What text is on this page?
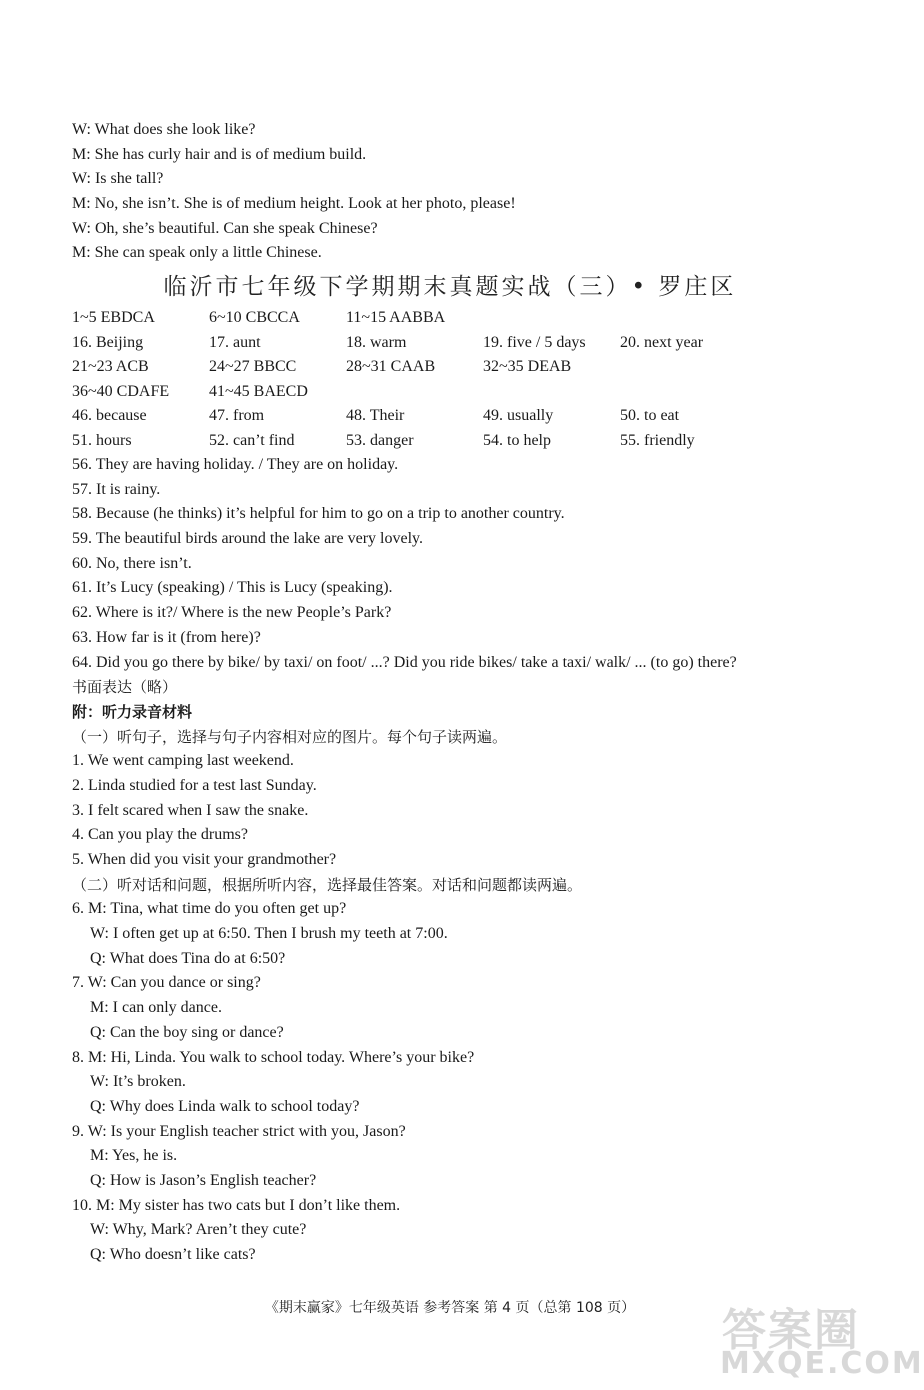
W: What does she look like?
M: She has curly hair and is of medium build.
W: Is she tall?
M: No, she isn’t. She is of medium height. Look at her photo, please!
W: Oh, she’s beautiful. Can she speak Chinese?
M: She can speak only a little Chinese.
临沂市七年级下学期期末真题实战（三）• 罗庄区
1~5 EBDCA	6~10 CBCCA	11~15 AABBA
16. Beijing	17. aunt	18. warm	19. five / 5 days 20. next year
21~23 ACB	24~27 BBCC	28~31 CAAB	32~35 DEAB
36~40 CDAFE 41~45 BAECD
46. because	47. from	48. Their	49. usually	50. to eat
51. hours	52. can’t find	53. danger	54. to help	55. friendly
56. They are having holiday. / They are on holiday.
57. It is rainy.
58. Because (he thinks) it’s helpful for him to go on a trip to another country.
59. The beautiful birds around the lake are very lovely.
60. No, there isn’t.
61. It’s Lucy (speaking) / This is Lucy (speaking).
62. Where is it?/ Where is the new People’s Park?
63. How far is it (from here)?
64. Did you go there by bike/ by taxi/ on foot/ ...? Did you ride bikes/ take a taxi/ walk/ ... (to go) there?
书面表达（略）
附：听力录音材料
（一）听句子，选择与句子内容相对应的图片。每个句子读两遍。
1. We went camping last weekend.
2. Linda studied for a test last Sunday.
3. I felt scared when I saw the snake.
4. Can you play the drums?
5. When did you visit your grandmother?
（二）听对话和问题，根据所听内容，选择最佳答案。对话和问题都读两遍。
6. M: Tina, what time do you often get up?
W: I often get up at 6:50. Then I brush my teeth at 7:00.
Q: What does Tina do at 6:50?
7. W: Can you dance or sing?
M: I can only dance.
Q: Can the boy sing or dance?
8. M: Hi, Linda. You walk to school today. Where’s your bike?
W: It’s broken.
Q: Why does Linda walk to school today?
9. W: Is your English teacher strict with you, Jason?
M: Yes, he is.
Q: How is Jason’s English teacher?
10. M: My sister has two cats but I don’t like them.
W: Why, Mark? Aren’t they cute?
Q: Who doesn’t like cats?
《期末赢家》七年级英语 参考答案 第 4 页（总第 108 页）	答案圈
MXQE.COM
